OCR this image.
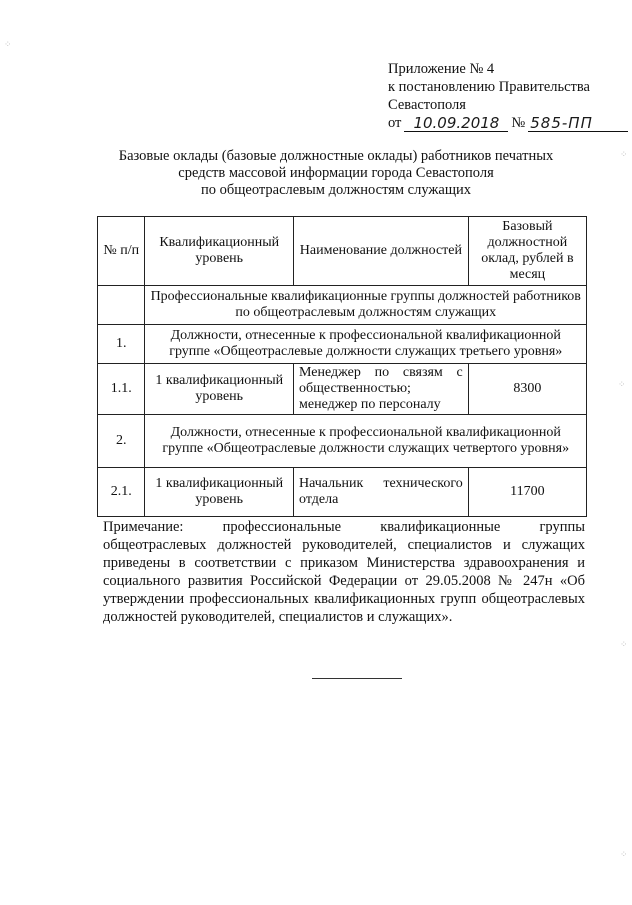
Приложение № 4
к постановлению Правительства
Севастополя
от 10.09.2018 № 585-ПП
Базовые оклады (базовые должностные оклады) работников печатных
средств массовой информации города Севастополя
по общеотраслевым должностям служащих
№ п/п	Квалификационный уровень	Наименование должностей	Базовый должностной оклад, рублей в месяц
	Профессиональные квалификационные группы должностей работников по общеотраслевым должностям служащих		
1.	Должности, отнесенные к профессиональной квалификационной группе «Общеотраслевые должности служащих третьего уровня»		
1.1.	1 квалификационный уровень	Менеджер по связям с общественностью; менеджер по персоналу	8300
2.	Должности, отнесенные к профессиональной квалификационной группе «Общеотраслевые должности служащих четвертого уровня»		
2.1.	1 квалификационный уровень	Начальник технического отдела	11700
Примечание: профессиональные квалификационные группы общеотраслевых должностей руководителей, специалистов и служащих приведены в соответствии с приказом Министерства здравоохранения и социального развития Российской Федерации от 29.05.2008 № 247н «Об утверждении профессиональных квалификационных групп общеотраслевых должностей руководителей, специалистов и служащих».
⁘
⁘
⁘
⁘
⁘
